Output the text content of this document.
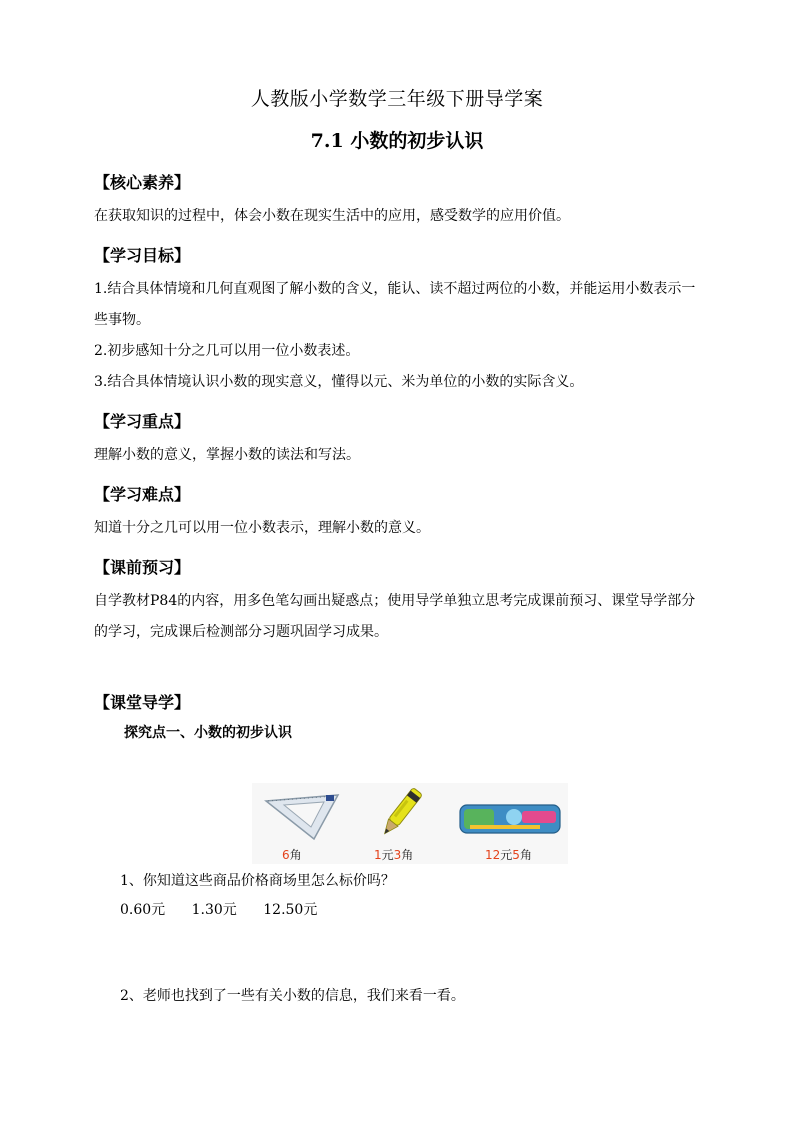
人教版小学数学三年级下册导学案
7.1 小数的初步认识
【核心素养】
在获取知识的过程中，体会小数在现实生活中的应用，感受数学的应用价值。
【学习目标】
1.结合具体情境和几何直观图了解小数的含义，能认、读不超过两位的小数，并能运用小数表示一些事物。
2.初步感知十分之几可以用一位小数表述。
3.结合具体情境认识小数的现实意义，懂得以元、米为单位的小数的实际含义。
【学习重点】
理解小数的意义，掌握小数的读法和写法。
【学习难点】
知道十分之几可以用一位小数表示，理解小数的意义。
【课前预习】
自学教材P84的内容，用多色笔勾画出疑惑点；使用导学单独立思考完成课前预习、课堂导学部分的学习，完成课后检测部分习题巩固学习成果。
【课堂导学】
探究点一、小数的初步认识
6角	1元3角	12元5角
1、你知道这些商品价格商场里怎么标价吗？
0.60元 1.30元 12.50元
2、老师也找到了一些有关小数的信息，我们来看一看。
